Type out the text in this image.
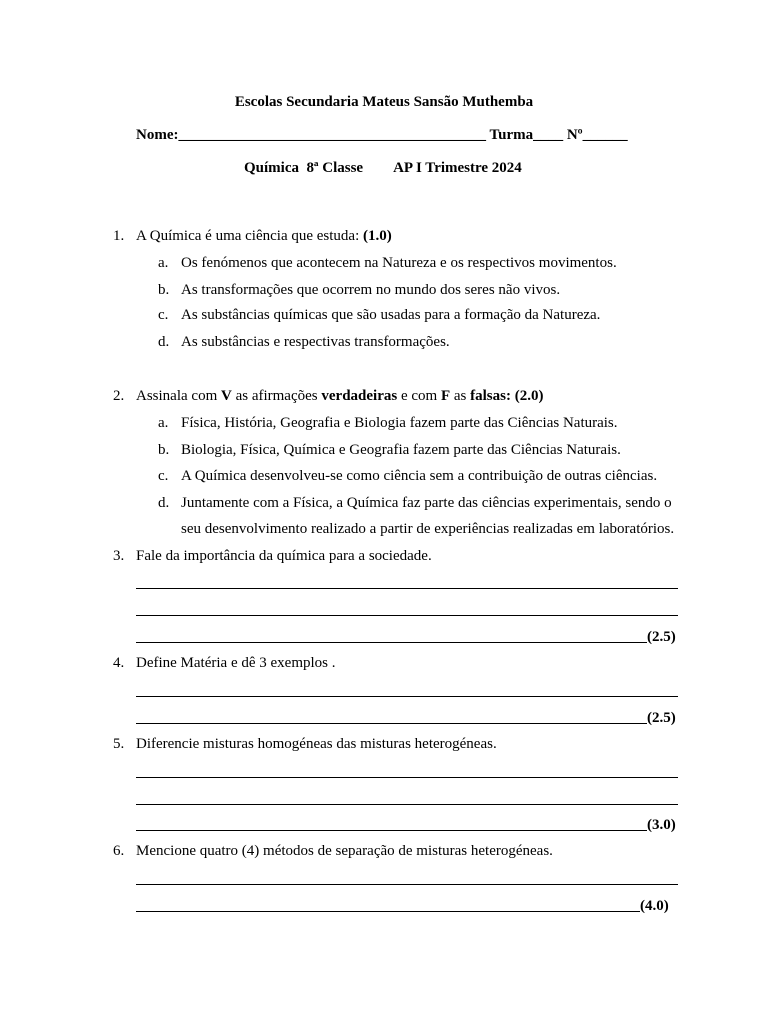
Escolas Secundaria Mateus Sansão Muthemba
Nome:_________________________________________ Turma____ Nº______
Química  8ª Classe AP I Trimestre 2024
1. A Química é uma ciência que estuda: (1.0)
a. Os fenómenos que acontecem na Natureza e os respectivos movimentos.
b. As transformações que ocorrem no mundo dos seres não vivos.
c. As substâncias químicas que são usadas para a formação da Natureza.
d. As substâncias e respectivas transformações.
2. Assinala com V as afirmações verdadeiras e com F as falsas: (2.0)
a. Física, História, Geografia e Biologia fazem parte das Ciências Naturais.
b. Biologia, Física, Química e Geografia fazem parte das Ciências Naturais.
c. A Química desenvolveu-se como ciência sem a contribuição de outras ciências.
d. Juntamente com a Física, a Química faz parte das ciências experimentais, sendo o
seu desenvolvimento realizado a partir de experiências realizadas em laboratórios.
3. Fale da importância da química para a sociedade.
(2.5)
4. Define Matéria e dê 3 exemplos .
(2.5)
5. Diferencie misturas homogéneas das misturas heterogéneas.
(3.0)
6. Mencione quatro (4) métodos de separação de misturas heterogéneas.
(4.0)
